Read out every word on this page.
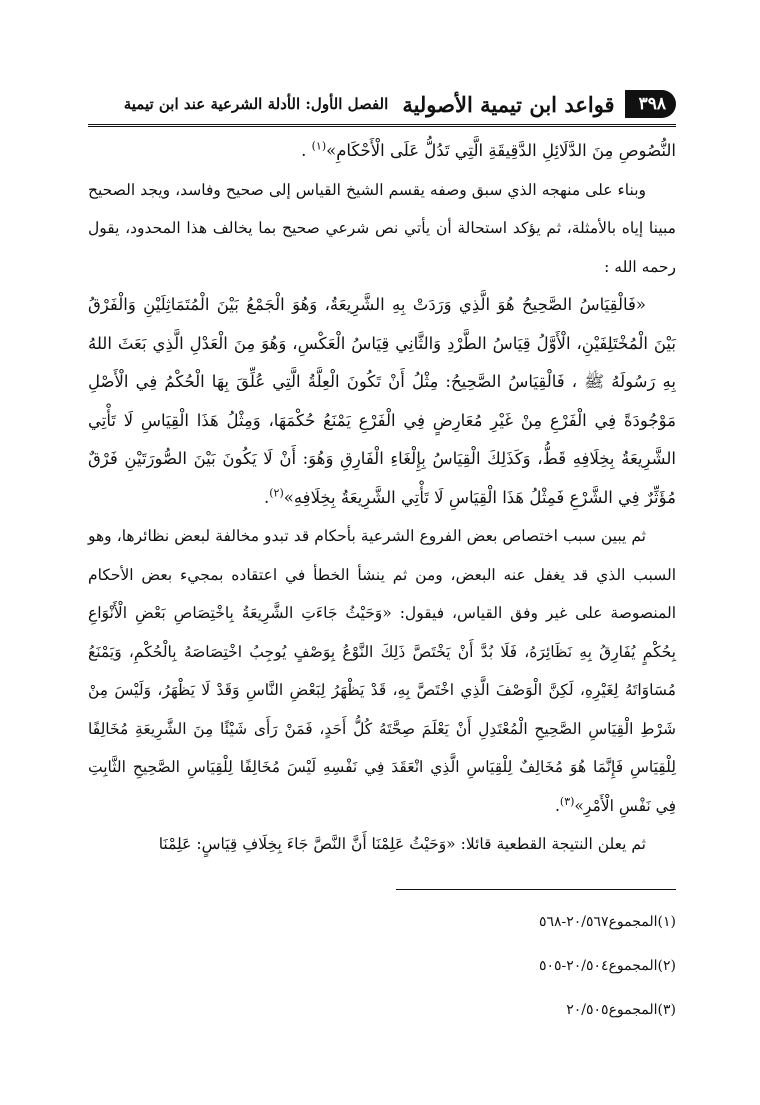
٣٩٨
قواعد ابن تيمية الأصولية
الفصل الأول: الأدلة الشرعية عند ابن تيمية

النُّصُوصِ مِنَ الدَّلَائِلِ الدَّقِيقَةِ الَّتِي تَدُلُّ عَلَى الْأَحْكَامِ»$^{(١)}$ .

وبناء على منهجه الذي سبق وصفه يقسم الشيخ القياس إلى صحيح وفاسد، ويجد الصحيح مبينا إياه بالأمثلة، ثم يؤكد استحالة أن يأتي نص شرعي صحيح بما يخالف هذا المحدود، يقول رحمه الله :

«فَالْقِيَاسُ الصَّحِيحُ هُوَ الَّذِي وَرَدَتْ بِهِ الشَّرِيعَةُ، وَهُوَ الْجَمْعُ بَيْنَ الْمُتَمَاثِلَيْنِ وَالْفَرْقُ بَيْنَ الْمُخْتَلِفَيْنِ، الْأَوَّلُ قِيَاسُ الطَّرْدِ وَالثَّانِي قِيَاسُ الْعَكْسِ، وَهُوَ مِنَ الْعَدْلِ الَّذِي بَعَثَ اللهُ بِهِ رَسُولَهُ ﷺ ، فَالْقِيَاسُ الصَّحِيحُ: مِثْلُ أَنْ تَكُونَ الْعِلَّةُ الَّتِي عُلِّقَ بِهَا الْحُكْمُ فِي الْأَصْلِ مَوْجُودَةً فِي الْفَرْعِ مِنْ غَيْرِ مُعَارِضٍ فِي الْفَرْعِ يَمْنَعُ حُكْمَهَا، وَمِثْلُ هَذَا الْقِيَاسِ لَا تَأْتِي الشَّرِيعَةُ بِخِلَافِهِ قَطُّ، وَكَذَلِكَ الْقِيَاسُ بِإِلْغَاءِ الْفَارِقِ وَهُوَ: أَنْ لَا يَكُونَ بَيْنَ الصُّورَتَيْنِ فَرْقٌ مُؤَثِّرٌ فِي الشَّرْعِ فَمِثْلُ هَذَا الْقِيَاسِ لَا تَأْتِي الشَّرِيعَةُ بِخِلَافِهِ»$^{(٢)}$.

ثم يبين سبب اختصاص بعض الفروع الشرعية بأحكام قد تبدو مخالفة لبعض نظائرها، وهو السبب الذي قد يغفل عنه البعض، ومن ثم ينشأ الخطأ في اعتقاده بمجيء بعض الأحكام المنصوصة على غير وفق القياس، فيقول: «وَحَيْثُ جَاءَتِ الشَّرِيعَةُ بِاخْتِصَاصِ بَعْضِ الْأَنْوَاعِ بِحُكْمٍ يُفَارِقُ بِهِ نَظَائِرَهُ، فَلَا بُدَّ أَنْ يَخْتَصَّ ذَلِكَ النَّوْعُ بِوَصْفٍ يُوجِبُ اخْتِصَاصَهُ بِالْحُكْمِ، وَيَمْنَعُ مُسَاوَاتَهُ لِغَيْرِهِ، لَكِنَّ الْوَصْفَ الَّذِي اخْتَصَّ بِهِ، قَدْ يَظْهَرُ لِبَعْضِ النَّاسِ وَقَدْ لَا يَظْهَرُ، وَلَيْسَ مِنْ شَرْطِ الْقِيَاسِ الصَّحِيحِ الْمُعْتَدِلِ أَنْ يَعْلَمَ صِحَّتَهُ كُلُّ أَحَدٍ، فَمَنْ رَأَى شَيْئًا مِنَ الشَّرِيعَةِ مُخَالِفًا لِلْقِيَاسِ فَإِنَّمَا هُوَ مُخَالِفٌ لِلْقِيَاسِ الَّذِي انْعَقَدَ فِي نَفْسِهِ لَيْسَ مُخَالِفًا لِلْقِيَاسِ الصَّحِيحِ الثَّابِتِ فِي نَفْسِ الْأَمْرِ»$^{(٣)}$.

ثم يعلن النتيجة القطعية قائلا: «وَحَيْثُ عَلِمْنَا أَنَّ النَّصَّ جَاءَ بِخِلَافِ قِيَاسٍ: عَلِمْنَا

(١)المجموع٢٠/٥٦٧-٥٦٨
(٢)المجموع٢٠/٥٠٤-٥٠٥
(٣)المجموع٢٠/٥٠٥
